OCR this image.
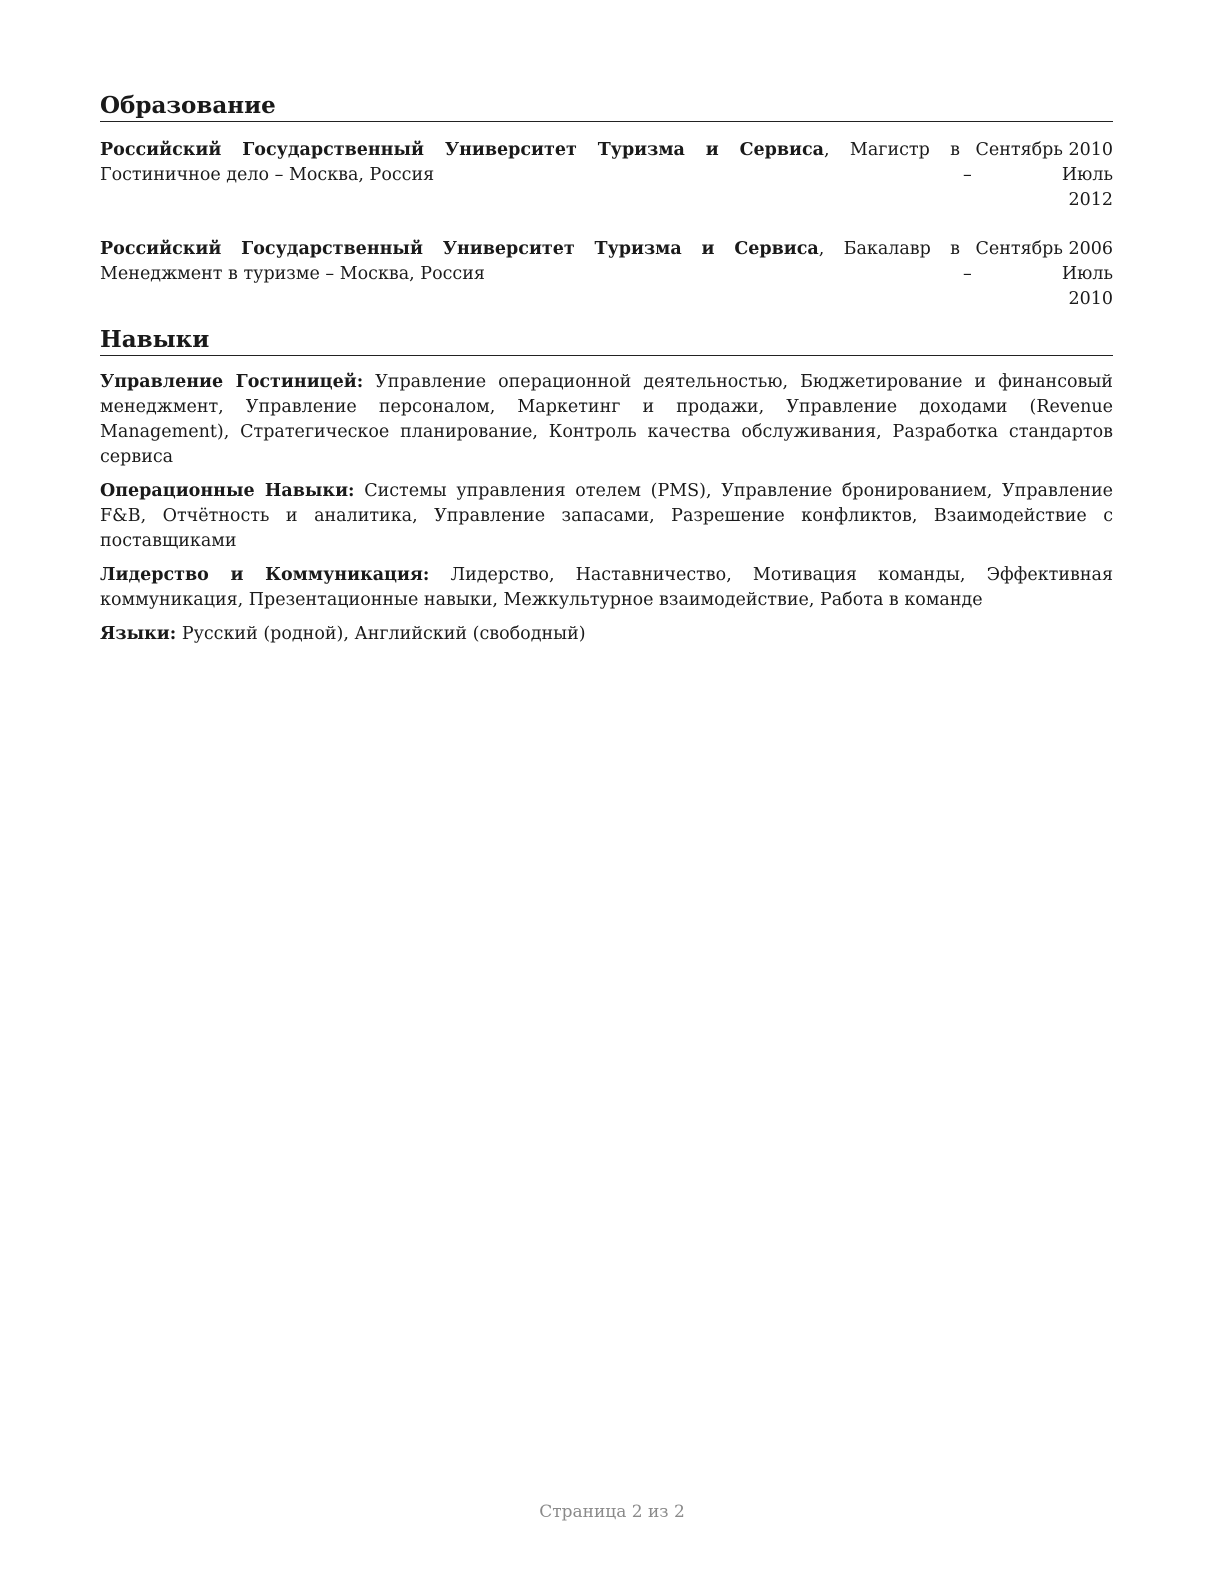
Образование
Российский Государственный Университет Туризма и Сервиса, Магистр в Гостиничное дело – Москва, Россия
Сентябрь 2010 – Июль
2012
Российский Государственный Университет Туризма и Сервиса, Бакалавр в Менеджмент в туризме – Москва, Россия
Сентябрь 2006 – Июль
2010
Навыки
Управление Гостиницей: Управление операционной деятельностью, Бюджетирование и финансовый менеджмент, Управление персоналом, Маркетинг и продажи, Управление доходами (Revenue Management), Стратегическое планирование, Контроль качества обслуживания, Разработка стандартов сервиса
Операционные Навыки: Системы управления отелем (PMS), Управление бронированием, Управление F&B, Отчётность и аналитика, Управление запасами, Разрешение конфликтов, Взаимодействие с поставщиками
Лидерство и Коммуникация: Лидерство, Наставничество, Мотивация команды, Эффективная коммуникация, Презентационные навыки, Межкультурное взаимодействие, Работа в команде
Языки: Русский (родной), Английский (свободный)
Страница 2 из 2
